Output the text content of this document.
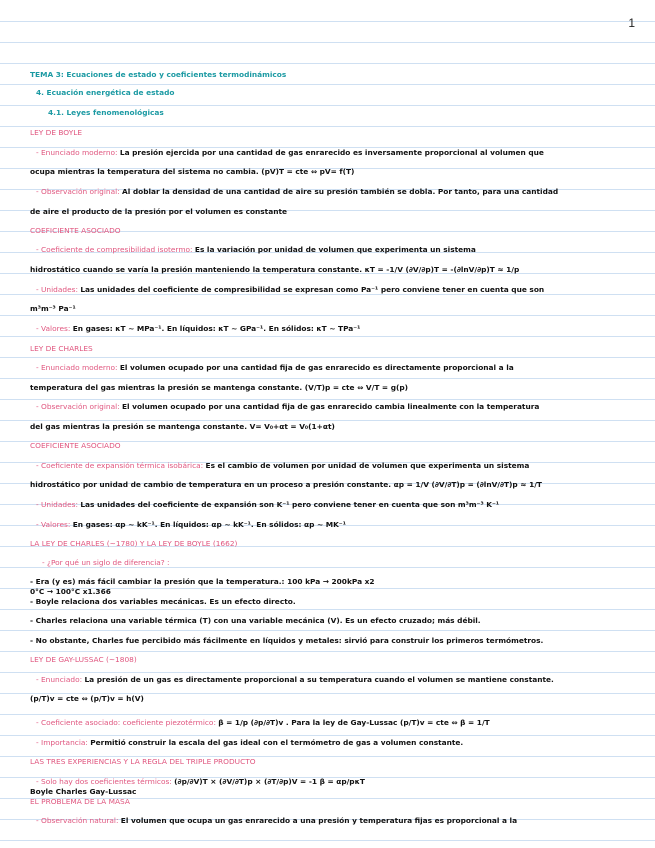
1
TEMA 3: Ecuaciones de estado y coeficientes termodinámicos
4. Ecuación energética de estado
4.1. Leyes fenomenológicas
LEY DE BOYLE
- Enunciado moderno: La presión ejercida por una cantidad de gas enrarecido es inversamente proporcional al volumen que
ocupa mientras la temperatura del sistema no cambia. (pV)T = cte ⇔ pV= f(T)
- Observación original: Al doblar la densidad de una cantidad de aire su presión también se dobla. Por tanto, para una cantidad
de aire el producto de la presión por el volumen es constante
COEFICIENTE ASOCIADO
- Coeficiente de compresibilidad isotermo: Es la variación por unidad de volumen que experimenta un sistema
hidrostático cuando se varía la presión manteniendo la temperatura constante. κT = -1/V (∂V/∂p)T = -(∂lnV/∂p)T ≈ 1/p
- Unidades: Las unidades del coeficiente de compresibilidad se expresan como Pa⁻¹ pero conviene tener en cuenta que son
m³m⁻³ Pa⁻¹
- Valores: En gases: κT ~ MPa⁻¹. En líquidos: κT ~ GPa⁻¹. En sólidos: κT ~ TPa⁻¹
LEY DE CHARLES
- Enunciado moderno: El volumen ocupado por una cantidad fija de gas enrarecido es directamente proporcional a la
temperatura del gas mientras la presión se mantenga constante. (V/T)p = cte ⇔ V/T = g(p)
- Observación original: El volumen ocupado por una cantidad fija de gas enrarecido cambia linealmente con la temperatura
del gas mientras la presión se mantenga constante. V= V₀+αt = V₀(1+αt)
COEFICIENTE ASOCIADO
- Coeficiente de expansión térmica isobárica: Es el cambio de volumen por unidad de volumen que experimenta un sistema
hidrostático por unidad de cambio de temperatura en un proceso a presión constante. αp = 1/V (∂V/∂T)p = (∂lnV/∂T)p ≈ 1/T
- Unidades: Las unidades del coeficiente de expansión son K⁻¹ pero conviene tener en cuenta que son m³m⁻³ K⁻¹
- Valores: En gases: αp ~ kK⁻¹. En líquidos: αp ~ kK⁻¹. En sólidos: αp ~ MK⁻¹
LA LEY DE CHARLES (~1780) Y LA LEY DE BOYLE (1662)
- ¿Por qué un siglo de diferencia? :
- Era (y es) más fácil cambiar la presión que la temperatura.: 100 kPa → 200kPa x2
0°C → 100°C x1.366
- Boyle relaciona dos variables mecánicas. Es un efecto directo.
- Charles relaciona una variable térmica (T) con una variable mecánica (V). Es un efecto cruzado; más débil.
- No obstante, Charles fue percibido más fácilmente en líquidos y metales: sirvió para construir los primeros termómetros.
LEY DE GAY-LUSSAC (~1808)
- Enunciado: La presión de un gas es directamente proporcional a su temperatura cuando el volumen se mantiene constante.
(p/T)v = cte ⇔ (p/T)v = h(V)
- Coeficiente asociado: coeficiente piezotérmico: β = 1/p (∂p/∂T)v . Para la ley de Gay-Lussac (p/T)v = cte ⇔ β = 1/T
- Importancia: Permitió construir la escala del gas ideal con el termómetro de gas a volumen constante.
LAS TRES EXPERIENCIAS Y LA REGLA DEL TRIPLE PRODUCTO
- Solo hay dos coeficientes térmicos: (∂p/∂V)T × (∂V/∂T)p × (∂T/∂p)V = -1 β = αp/pκT
Boyle Charles Gay-Lussac
EL PROBLEMA DE LA MASA
- Observación natural: El volumen que ocupa un gas enrarecido a una presión y temperatura fijas es proporcional a la
